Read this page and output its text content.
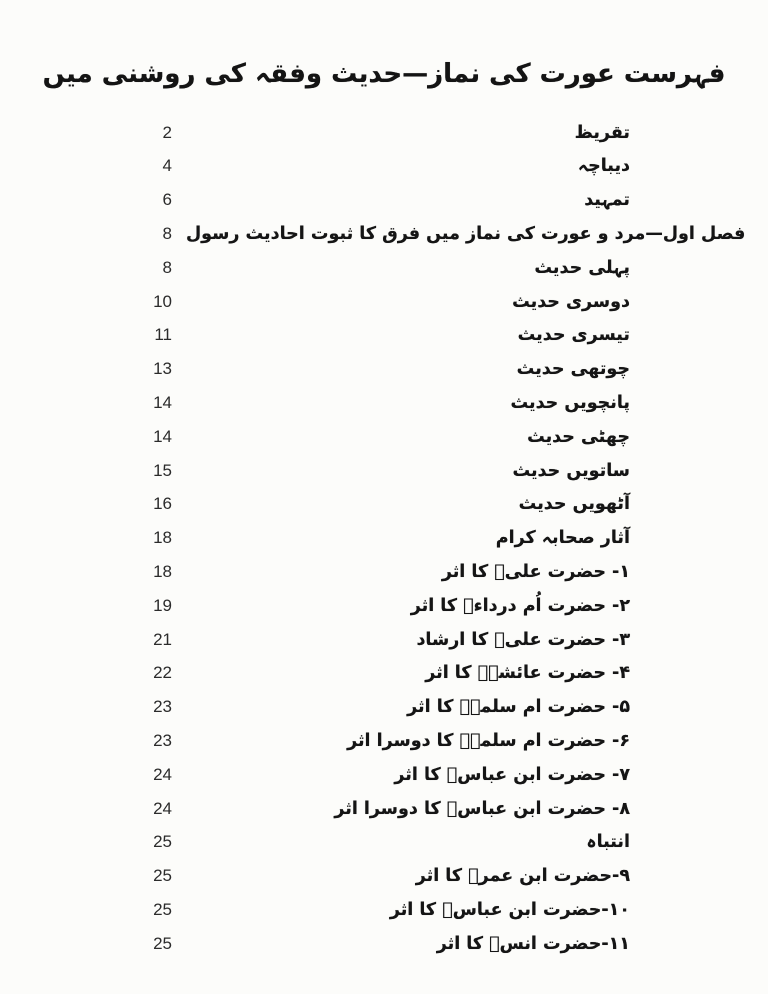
فہرست عورت کی نماز—حدیث وفقہ کی روشنی میں
2	تقریظ
4	دیباچہ
6	تمہید
8 فصل اول—مرد و عورت کی نماز میں فرق کا ثبوت احادیث رسول
8	پہلی حدیث
10	دوسری حدیث
11	تیسری حدیث
13	چوتھی حدیث
14	پانچویں حدیث
14	چھٹی حدیث
15	ساتویں حدیث
16	آٹھویں حدیث
18	آثار صحابہ کرام
18	۱- حضرت علیؓ کا اثر
19	۲- حضرت اُم درداءؓ کا اثر
21	۳- حضرت علیؓ کا ارشاد
22	۴- حضرت عائشہؓ کا اثر
23	۵- حضرت ام سلمہؓ کا اثر
23	۶- حضرت ام سلمہؓ کا دوسرا اثر
24	۷- حضرت ابن عباسؓ کا اثر
24	۸- حضرت ابن عباسؓ کا دوسرا اثر
25	انتباہ
25	۹-حضرت ابن عمرؓ کا اثر
25	۱۰-حضرت ابن عباسؓ کا اثر
25	۱۱-حضرت انسؓ کا اثر
